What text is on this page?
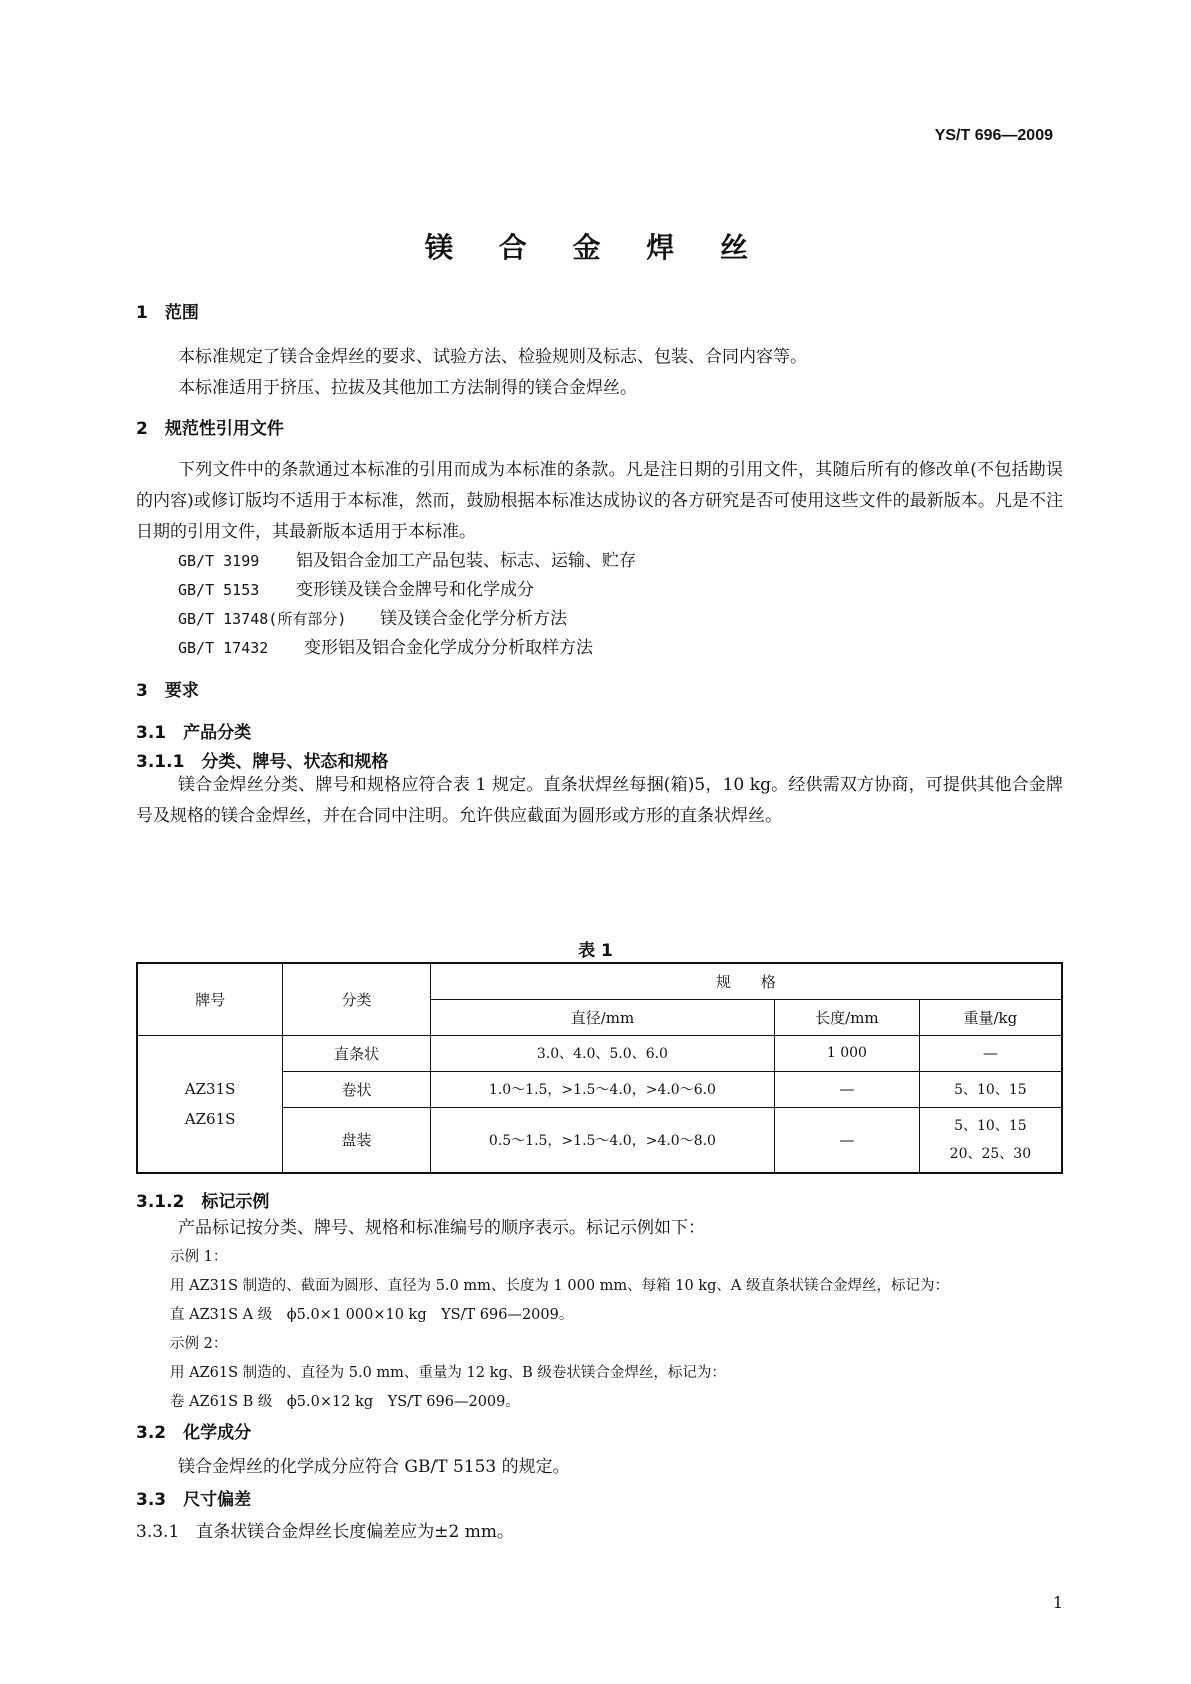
YS/T 696—2009
镁 合 金 焊 丝
1　范围
本标准规定了镁合金焊丝的要求、试验方法、检验规则及标志、包装、合同内容等。
本标准适用于挤压、拉拔及其他加工方法制得的镁合金焊丝。
2　规范性引用文件
下列文件中的条款通过本标准的引用而成为本标准的条款。凡是注日期的引用文件，其随后所有的修改单(不包括勘误的内容)或修订版均不适用于本标准，然而，鼓励根据本标准达成协议的各方研究是否可使用这些文件的最新版本。凡是不注日期的引用文件，其最新版本适用于本标准。
GB/T 3199 铝及铝合金加工产品包装、标志、运输、贮存
GB/T 5153 变形镁及镁合金牌号和化学成分
GB/T 13748(所有部分) 镁及镁合金化学分析方法
GB/T 17432 变形铝及铝合金化学成分分析取样方法
3　要求
3.1　产品分类
3.1.1　分类、牌号、状态和规格
镁合金焊丝分类、牌号和规格应符合表 1 规定。直条状焊丝每捆(箱)5，10 kg。经供需双方协商，可提供其他合金牌号及规格的镁合金焊丝，并在合同中注明。允许供应截面为圆形或方形的直条状焊丝。
表 1
牌号	分类	规　　格		
		直径/mm	长度/mm	重量/kg

AZ31S
AZ61S	直条状	3.0、4.0、5.0、6.0	1 000	—
	卷状	1.0～1.5，>1.5～4.0，>4.0～6.0	—	5、10、15
	盘装	0.5～1.5，>1.5～4.0，>4.0～8.0	—	5、10、15
20、25、30
3.1.2　标记示例
产品标记按分类、牌号、规格和标准编号的顺序表示。标记示例如下：
示例 1：
用 AZ31S 制造的、截面为圆形、直径为 5.0 mm、长度为 1 000 mm、每箱 10 kg、A 级直条状镁合金焊丝，标记为：
直 AZ31S A 级　ϕ5.0×1 000×10 kg　YS/T 696—2009。
示例 2：
用 AZ61S 制造的、直径为 5.0 mm、重量为 12 kg、B 级卷状镁合金焊丝，标记为：
卷 AZ61S B 级　ϕ5.0×12 kg　YS/T 696—2009。
3.2　化学成分
镁合金焊丝的化学成分应符合 GB/T 5153 的规定。
3.3　尺寸偏差
3.3.1　直条状镁合金焊丝长度偏差应为±2 mm。
1
